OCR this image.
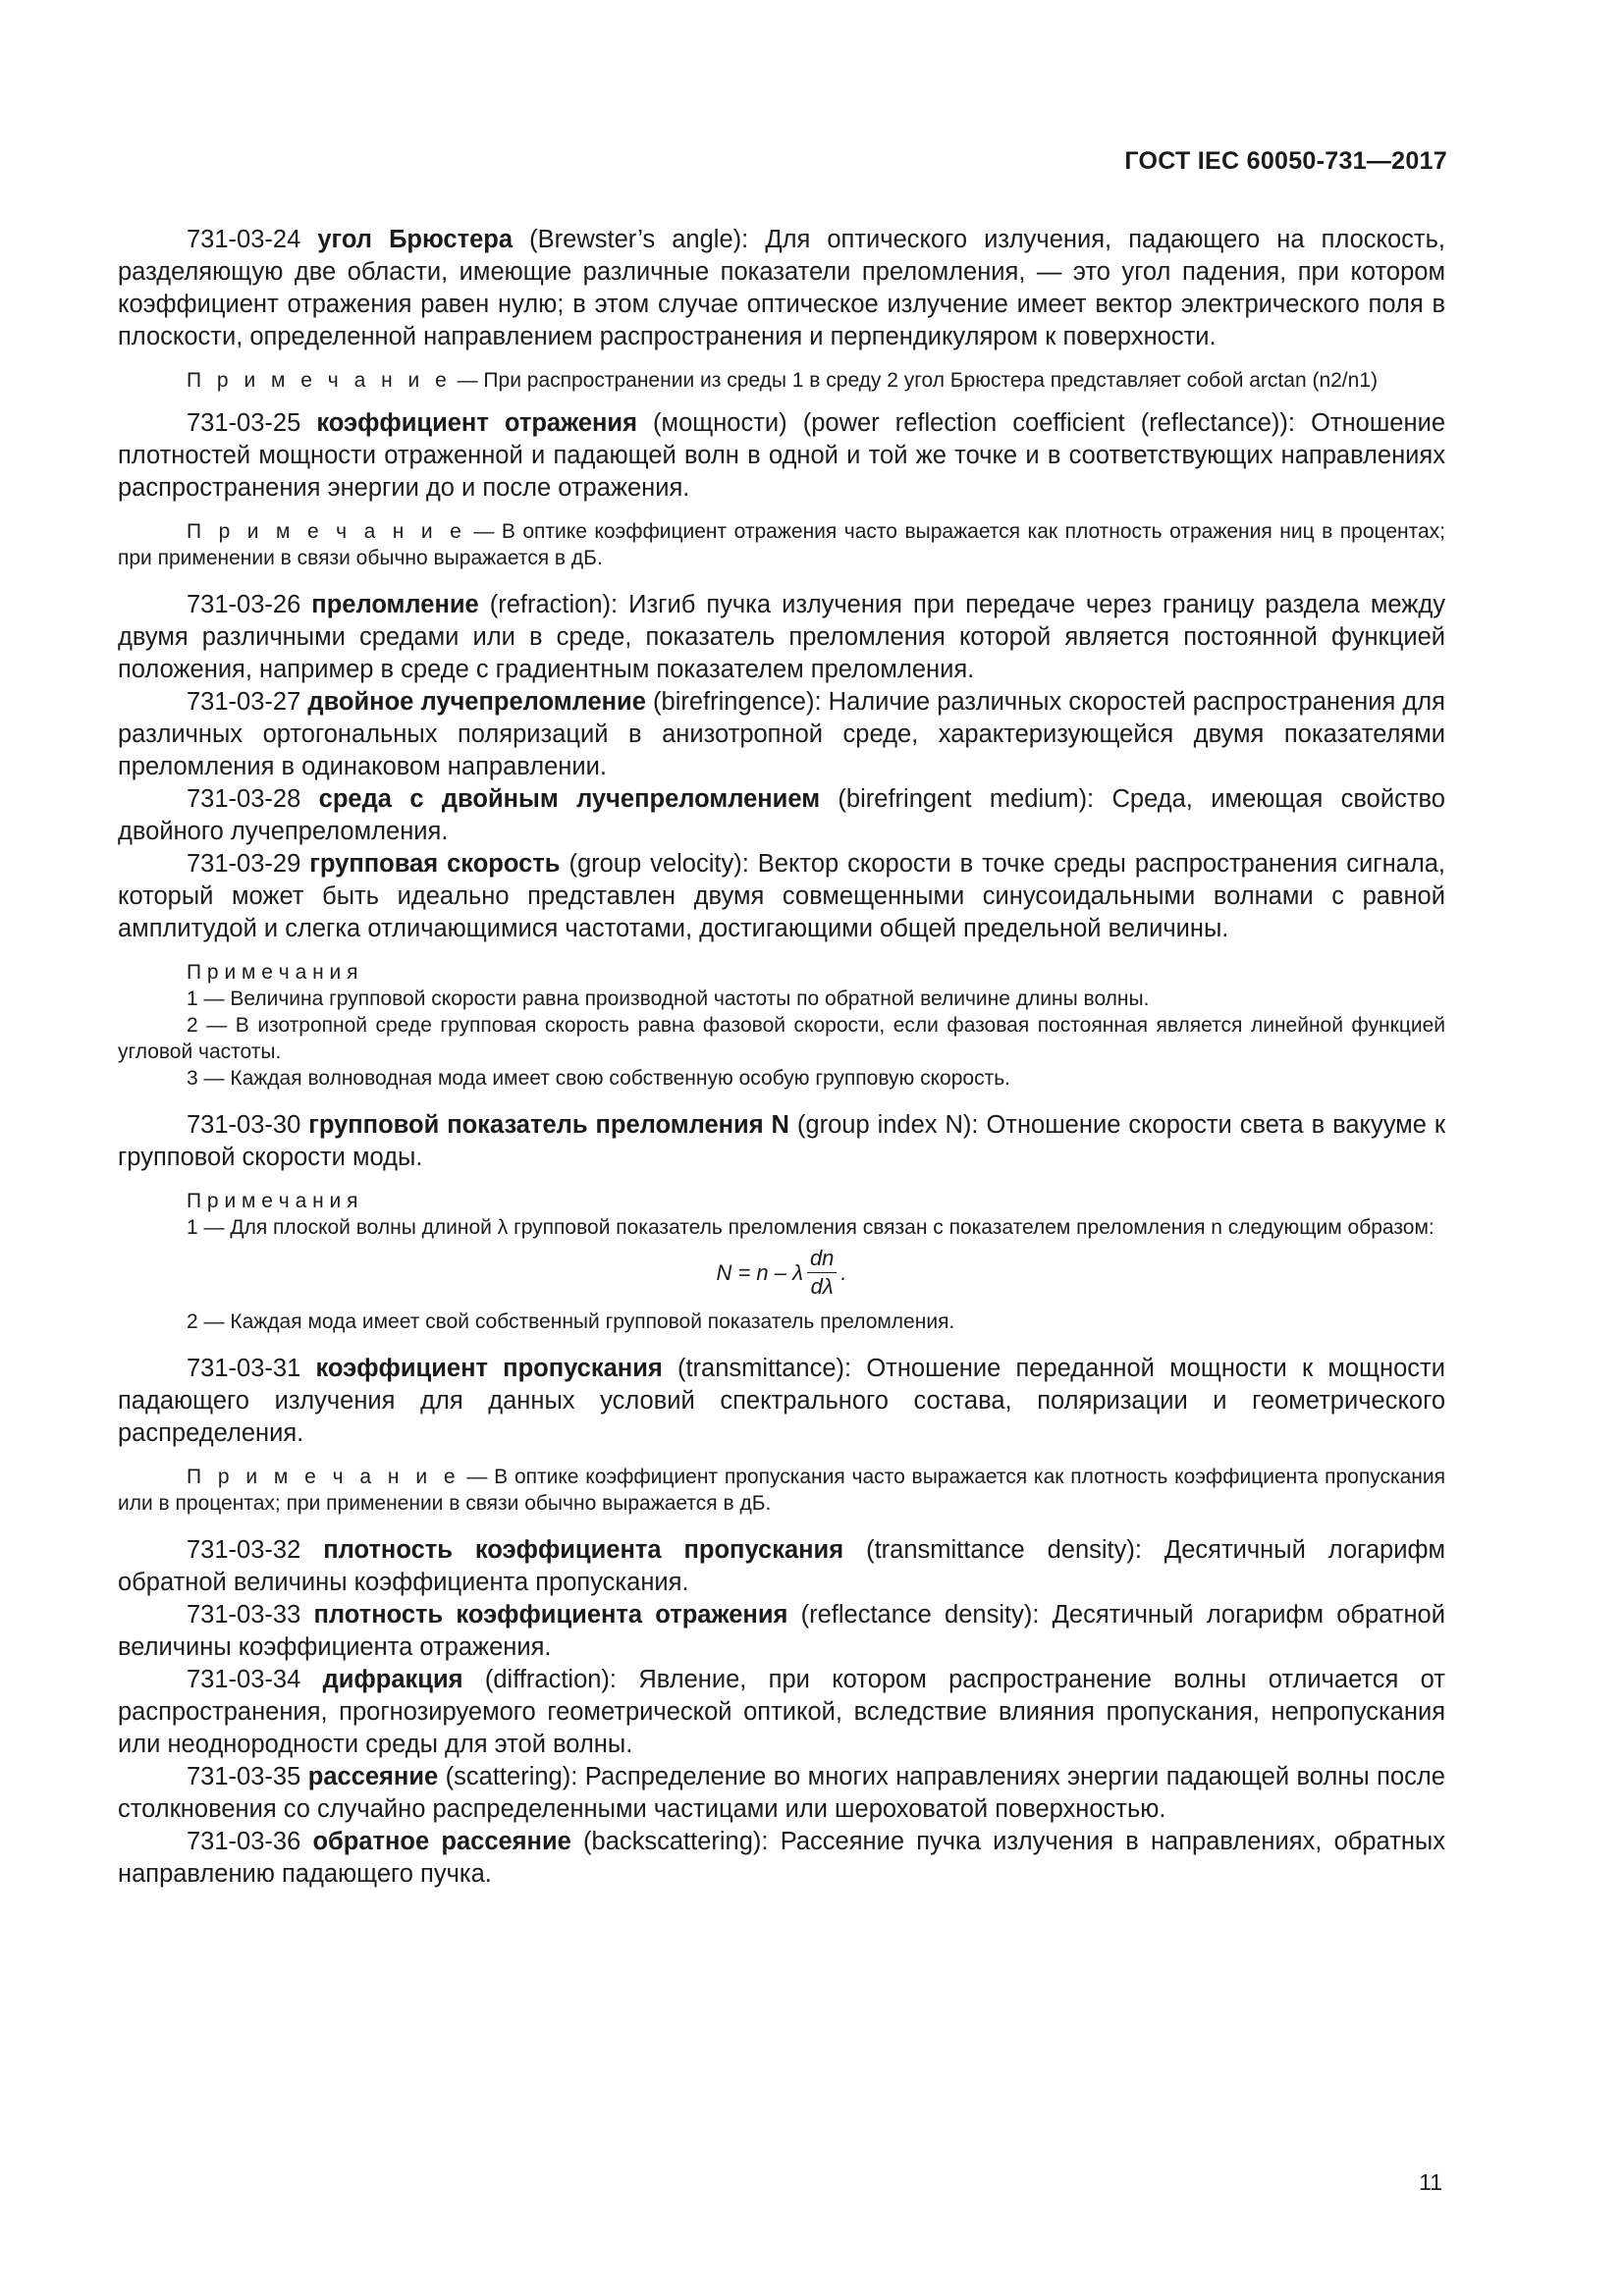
ГОСТ IEC 60050-731—2017

731-03-24 угол Брюстера (Brewster’s angle): Для оптического излучения, падающего на плоскость, разделяющую две области, имеющие различные показатели преломления, — это угол падения, при котором коэффициент отражения равен нулю; в этом случае оптическое излучение имеет вектор электрического поля в плоскости, определенной направлением распространения и перпендикуляром к поверхности.

П р и м е ч а н и е — При распространении из среды 1 в среду 2 угол Брюстера представляет собой arctan (n2/n1)

731-03-25 коэффициент отражения (мощности) (power reflection coefficient (reflectance)): Отношение плотностей мощности отраженной и падающей волн в одной и той же точке и в соответствующих направлениях распространения энергии до и после отражения.

П р и м е ч а н и е — В оптике коэффициент отражения часто выражается как плотность отражения ниц в процентах; при применении в связи обычно выражается в дБ.

731-03-26 преломление (refraction): Изгиб пучка излучения при передаче через границу раздела между двумя различными средами или в среде, показатель преломления которой является постоянной функцией положения, например в среде с градиентным показателем преломления.

731-03-27 двойное лучепреломление (birefringence): Наличие различных скоростей распространения для различных ортогональных поляризаций в анизотропной среде, характеризующейся двумя показателями преломления в одинаковом направлении.

731-03-28 среда с двойным лучепреломлением (birefringent medium): Среда, имеющая свойство двойного лучепреломления.

731-03-29 групповая скорость (group velocity): Вектор скорости в точке среды распространения сигнала, который может быть идеально представлен двумя совмещенными синусоидальными волнами с равной амплитудой и слегка отличающимися частотами, достигающими общей предельной величины.

П р и м е ч а н и я

1 — Величина групповой скорости равна производной частоты по обратной величине длины волны.

2 — В изотропной среде групповая скорость равна фазовой скорости, если фазовая постоянная является линейной функцией угловой частоты.

3 — Каждая волноводная мода имеет свою собственную особую групповую скорость.

731-03-30 групповой показатель преломления N (group index N): Отношение скорости света в вакууме к групповой скорости моды.

П р и м е ч а н и я

1 — Для плоской волны длиной λ групповой показатель преломления связан с показателем преломления n следующим образом:

N = n – λ $\frac{dn}{d\lambda}$ .

2 — Каждая мода имеет свой собственный групповой показатель преломления.

731-03-31 коэффициент пропускания (transmittance): Отношение переданной мощности к мощности падающего излучения для данных условий спектрального состава, поляризации и геометрического распределения.

П р и м е ч а н и е — В оптике коэффициент пропускания часто выражается как плотность коэффициента пропускания или в процентах; при применении в связи обычно выражается в дБ.

731-03-32 плотность коэффициента пропускания (transmittance density): Десятичный логарифм обратной величины коэффициента пропускания.

731-03-33 плотность коэффициента отражения (reflectance density): Десятичный логарифм обратной величины коэффициента отражения.

731-03-34 дифракция (diffraction): Явление, при котором распространение волны отличается от распространения, прогнозируемого геометрической оптикой, вследствие влияния пропускания, непропускания или неоднородности среды для этой волны.

731-03-35 рассеяние (scattering): Распределение во многих направлениях энергии падающей волны после столкновения со случайно распределенными частицами или шероховатой поверхностью.

731-03-36 обратное рассеяние (backscattering): Рассеяние пучка излучения в направлениях, обратных направлению падающего пучка.

11
